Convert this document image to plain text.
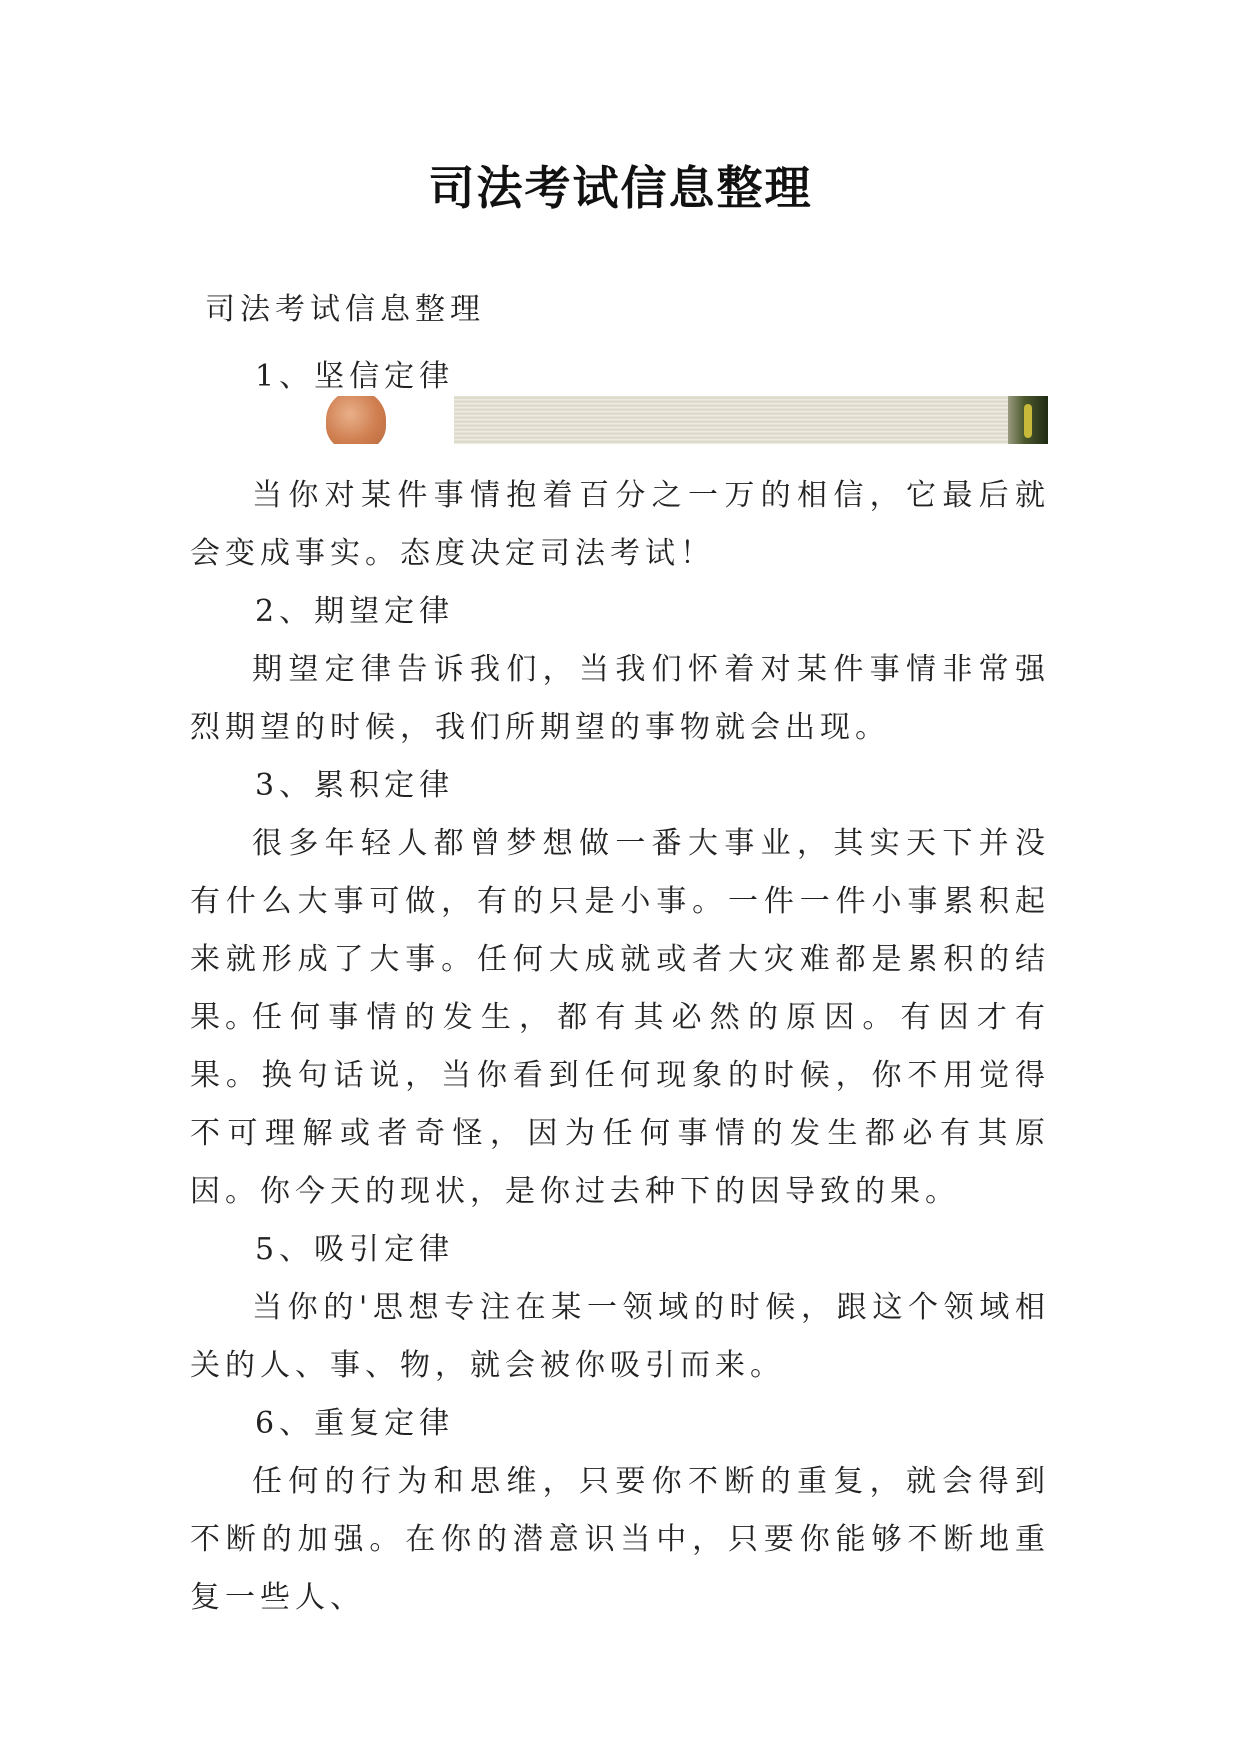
司法考试信息整理

司法考试信息整理

1、坚信定律

当你对某件事情抱着百分之一万的相信，它最后就会变成事实。态度决定司法考试！

2、期望定律

期望定律告诉我们，当我们怀着对某件事情非常强烈期望的时候，我们所期望的事物就会出现。

3、累积定律

很多年轻人都曾梦想做一番大事业，其实天下并没有什么大事可做，有的只是小事。一件一件小事累积起来就形成了大事。任何大成就或者大灾难都是累积的结果。

任何事情的发生，都有其必然的原因。有因才有果。换句话说，当你看到任何现象的时候，你不用觉得不可理解或者奇怪，因为任何事情的发生都必有其原因。你今天的现状，是你过去种下的因导致的果。

5、吸引定律

当你的'思想专注在某一领域的时候，跟这个领域相关的人、事、物，就会被你吸引而来。

6、重复定律

任何的行为和思维，只要你不断的重复，就会得到不断的加强。在你的潜意识当中，只要你能够不断地重复一些人、
